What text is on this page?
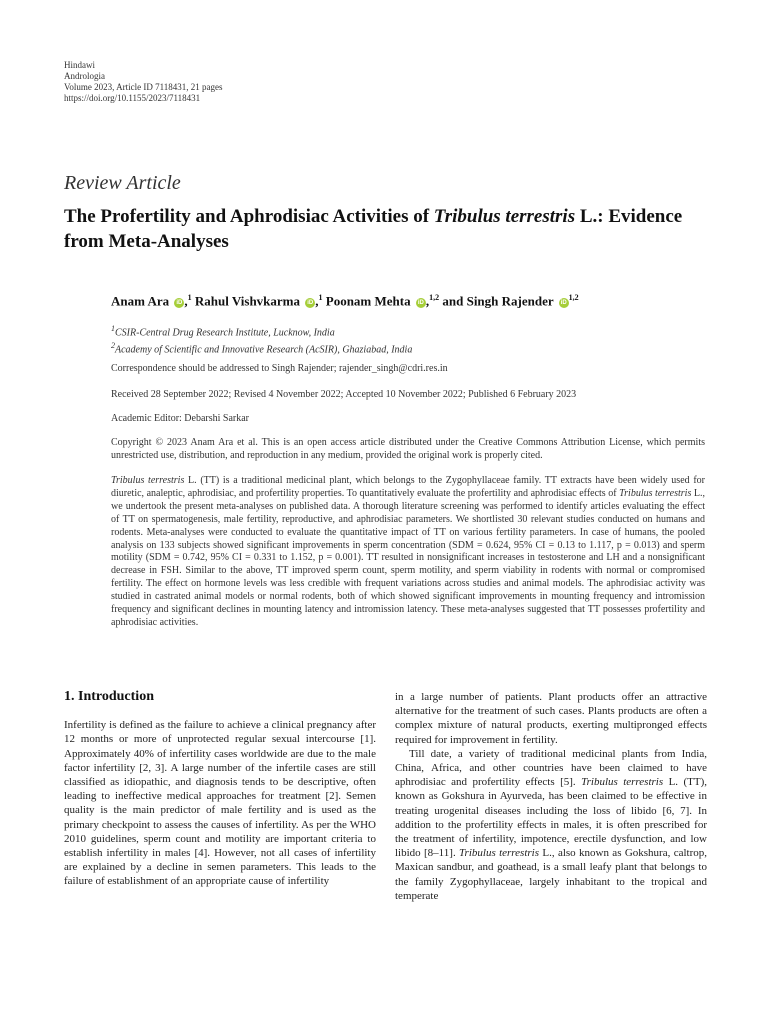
Hindawi
Andrologia
Volume 2023, Article ID 7118431, 21 pages
https://doi.org/10.1155/2023/7118431
Review Article
The Profertility and Aphrodisiac Activities of Tribulus terrestris L.: Evidence from Meta-Analyses
Anam Ara iD ,$^1$ Rahul Vishvkarma iD ,$^1$ Poonam Mehta iD ,$^{1,2}$ and Singh Rajender iD$^{1,2}$
$^1$CSIR-Central Drug Research Institute, Lucknow, India
$^2$Academy of Scientific and Innovative Research (AcSIR), Ghaziabad, India
Correspondence should be addressed to Singh Rajender; rajender_singh@cdri.res.in
Received 28 September 2022; Revised 4 November 2022; Accepted 10 November 2022; Published 6 February 2023
Academic Editor: Debarshi Sarkar
Copyright © 2023 Anam Ara et al. This is an open access article distributed under the Creative Commons Attribution License, which permits unrestricted use, distribution, and reproduction in any medium, provided the original work is properly cited.
Tribulus terrestris L. (TT) is a traditional medicinal plant, which belongs to the Zygophyllaceae family. TT extracts have been widely used for diuretic, analeptic, aphrodisiac, and profertility properties. To quantitatively evaluate the profertility and aphrodisiac effects of Tribulus terrestris L., we undertook the present meta-analyses on published data. A thorough literature screening was performed to identify articles evaluating the effect of TT on spermatogenesis, male fertility, reproductive, and aphrodisiac parameters. We shortlisted 30 relevant studies conducted on humans and rodents. Meta-analyses were conducted to evaluate the quantitative impact of TT on various fertility parameters. In case of humans, the pooled analysis on 133 subjects showed significant improvements in sperm concentration (SDM = 0.624, 95% CI = 0.13 to 1.117, p = 0.013) and sperm motility (SDM = 0.742, 95% CI = 0.331 to 1.152, p = 0.001). TT resulted in nonsignificant increases in testosterone and LH and a nonsignificant decrease in FSH. Similar to the above, TT improved sperm count, sperm motility, and sperm viability in rodents with normal or compromised fertility. The effect on hormone levels was less credible with frequent variations across studies and animal models. The aphrodisiac activity was studied in castrated animal models or normal rodents, both of which showed significant improvements in mounting frequency and intromission frequency and significant declines in mounting latency and intromission latency. These meta-analyses suggested that TT possesses profertility and aphrodisiac activities.
1. Introduction

Infertility is defined as the failure to achieve a clinical pregnancy after 12 months or more of unprotected regular sexual intercourse [1]. Approximately 40% of infertility cases worldwide are due to the male factor infertility [2, 3]. A large number of the infertile cases are still classified as idiopathic, and diagnosis tends to be descriptive, often leading to ineffective medical approaches for treatment [2]. Semen quality is the main predictor of male fertility and is used as the primary checkpoint to assess the causes of infertility. As per the WHO 2010 guidelines, sperm count and motility are important criteria to establish infertility in males [4]. However, not all cases of infertility are explained by a decline in semen parameters. This leads to the failure of establishment of an appropriate cause of infertility

in a large number of patients. Plant products offer an attractive alternative for the treatment of such cases. Plants products are often a complex mixture of natural products, exerting multipronged effects required for improvement in fertility.

Till date, a variety of traditional medicinal plants from India, China, Africa, and other countries have been claimed to have aphrodisiac and profertility effects [5]. Tribulus terrestris L. (TT), known as Gokshura in Ayurveda, has been claimed to be effective in treating urogenital diseases including the loss of libido [6, 7]. In addition to the profertility effects in males, it is often prescribed for the treatment of infertility, impotence, erectile dysfunction, and low libido [8–11]. Tribulus terrestris L., also known as Gokshura, caltrop, Maxican sandbur, and goathead, is a small leafy plant that belongs to the family Zygophyllaceae, largely inhabitant to the tropical and temperate
